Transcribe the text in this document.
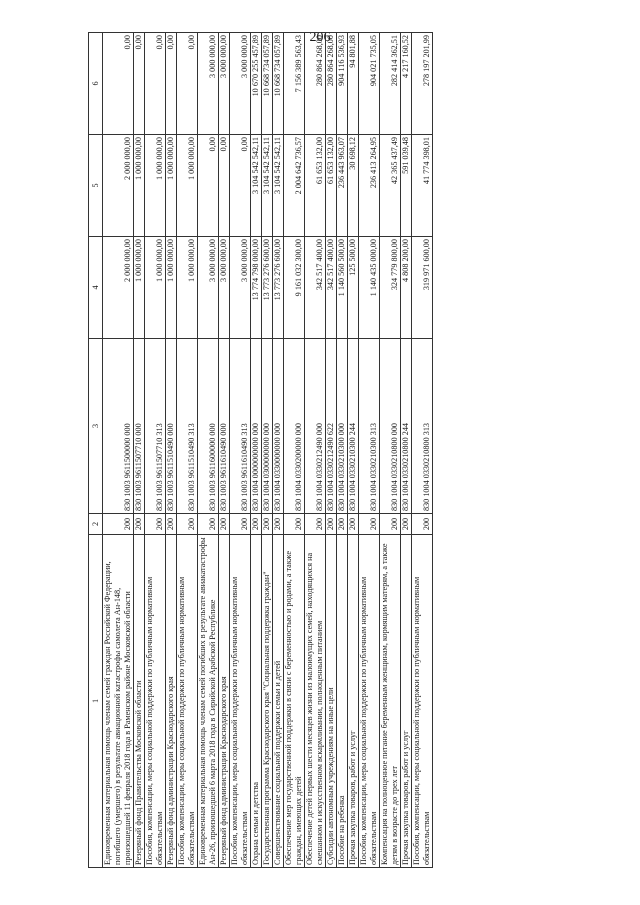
206
1	2	3	4	5	6
Единовременная материальная помощь членам семей граждан Российской Федерации, погибшего (умершего) в результате авиационной катастрофы самолета Ан-148, произошедшей 11 февраля 2018 года в Раменском районе Московской области	200	830 1003 9611500000 000	2 000 000,00	2 000 000,00	0,00
Резервный фонд Правительства Московской области	200	830 1003 9611507710 000	1 000 000,00	1 000 000,00	0,00
Пособия, компенсации, меры социальной поддержки по публичным нормативным обязательствам	200	830 1003 9611507710 313	1 000 000,00	1 000 000,00	0,00
Резервный фонд администрации Краснодарского края	200	830 1003 9611510490 000	1 000 000,00	1 000 000,00	0,00
Пособия, компенсации, меры социальной поддержки по публичным нормативным обязательствам	200	830 1003 9611510490 313	1 000 000,00	1 000 000,00	0,00
Единовременная материальная помощь членам семей погибших в результате авиакатастрофы Ан-26, произошедшей 6 марта 2018 года в Сирийской Арабской Республике	200	830 1003 9611600000 000	3 000 000,00	0,00	3 000 000,00
Резервный фонд администрации Краснодарского края	200	830 1003 9611610490 000	3 000 000,00	0,00	3 000 000,00
Пособия, компенсации, меры социальной поддержки по публичным нормативным обязательствам	200	830 1003 9611610490 313	3 000 000,00	0,00	3 000 000,00
Охрана семьи и детства	200	830 1004 0000000000 000	13 774 798 000,00	3 104 542 542,11	10 670 255 457,89
Государственная программа Краснодарского края "Социальная поддержка граждан"	200	830 1004 0300000000 000	13 773 276 600,00	3 104 542 542,11	10 668 734 057,89
Совершенствование социальной поддержки семьи и детей	200	830 1004 0330000000 000	13 773 276 600,00	3 104 542 542,11	10 668 734 057,89
Обеспечение мер государственной поддержки в связи с беременностью и родами, а также граждан, имеющих детей	200	830 1004 0330200000 000	9 161 032 300,00	2 004 642 736,57	7 156 389 563,43
Обеспечение детей первых шести месяцев жизни из малоимущих семей, находящихся на смешанном и искусственном вскармливании, полноценным питанием	200	830 1004 0330212490 000	342 517 400,00	61 653 132,00	280 864 268,00
Субсидии автономным учреждениям на иные цели	200	830 1004 0330212490 622	342 517 400,00	61 653 132,00	280 864 268,00
Пособие на ребенка	200	830 1004 0330210300 000	1 140 560 500,00	236 443 963,07	904 116 536,93
Прочая закупка товаров, работ и услуг	200	830 1004 0330210300 244	125 500,00	30 698,12	94 801,88
Пособия, компенсации, меры социальной поддержки по публичным нормативным обязательствам	200	830 1004 0330210300 313	1 140 435 000,00	236 413 264,95	904 021 735,05
Компенсация на полноценное питание беременным женщинам, кормящим матерям, а также детям в возрасте до трех лет	200	830 1004 0330210800 000	324 779 800,00	42 365 437,49	282 414 362,51
Прочая закупка товаров, работ и услуг	200	830 1004 0330210800 244	4 808 200,00	591 039,48	4 217 160,52
Пособия, компенсации, меры социальной поддержки по публичным нормативным обязательствам	200	830 1004 0330210800 313	319 971 600,00	41 774 398,01	278 197 201,99
